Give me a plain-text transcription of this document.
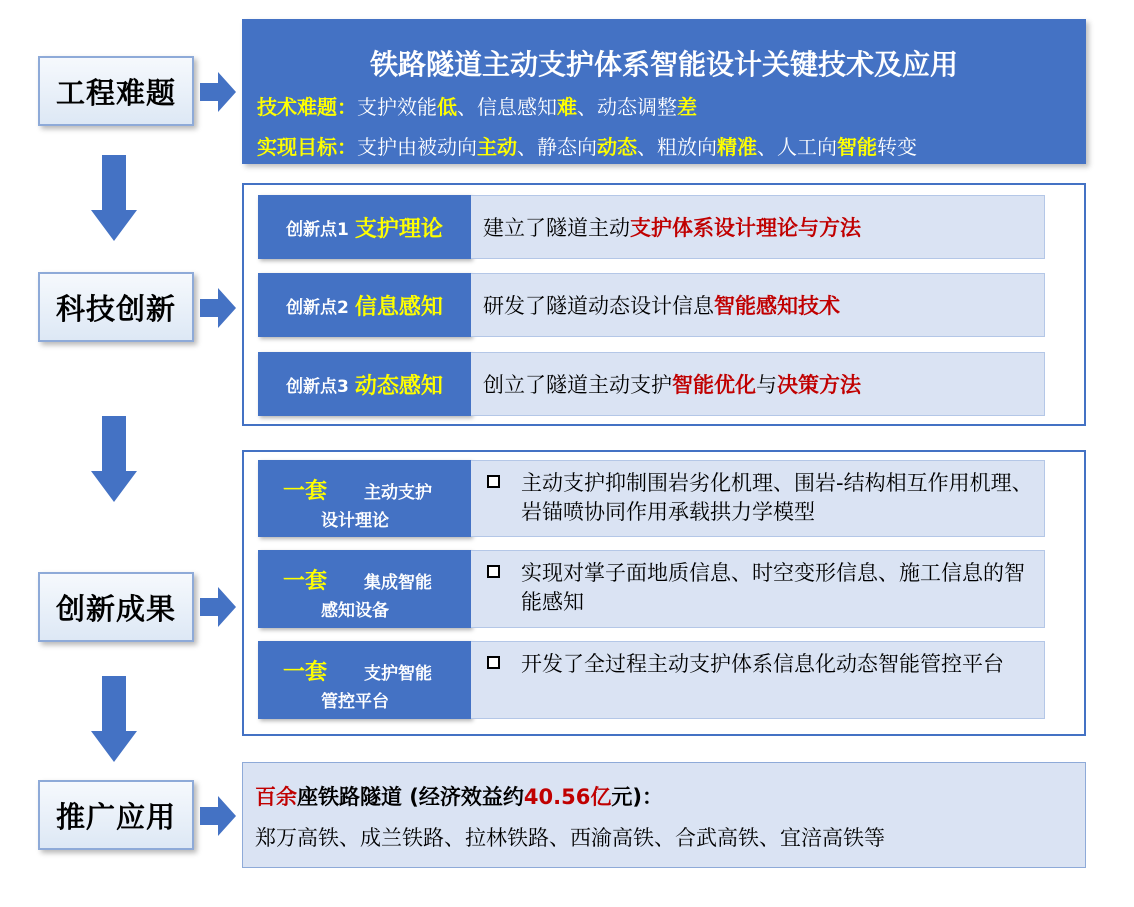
工程难题
科技创新
创新成果
推广应用
铁路隧道主动支护体系智能设计关键技术及应用
技术难题：支护效能低、信息感知难、动态调整差
实现目标：支护由被动向主动、静态向动态、粗放向精准、人工向智能转变
创新点1 支护理论 建立了隧道主动 支护体系设计理论与方法
创新点2 信息感知 研发了隧道动态设计信息 智能感知技术
创新点3 动态感知 创立了隧道主动支护 智能优化 与 决策方法
一套 主动支护
设计理论
主动支护抑制围岩劣化机理、围岩-结构相互作用机理、岩锚喷协同作用承载拱力学模型
一套 集成智能
感知设备
实现对掌子面地质信息、时空变形信息、施工信息的智能感知
一套 支护智能
管控平台
开发了全过程主动支护体系信息化动态智能管控平台
百余座铁路隧道 (经济效益约40.56亿元)：
郑万高铁、成兰铁路、拉林铁路、西渝高铁、合武高铁、宜涪高铁等
